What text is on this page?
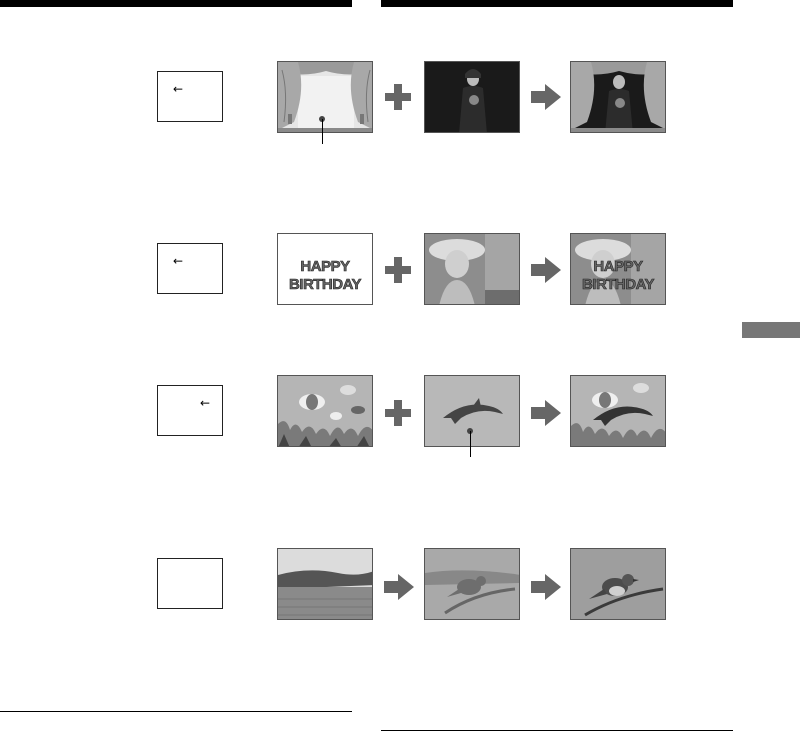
←
←	HAPPY
BIRTHDAY
HAPPY
BIRTHDAY
←
